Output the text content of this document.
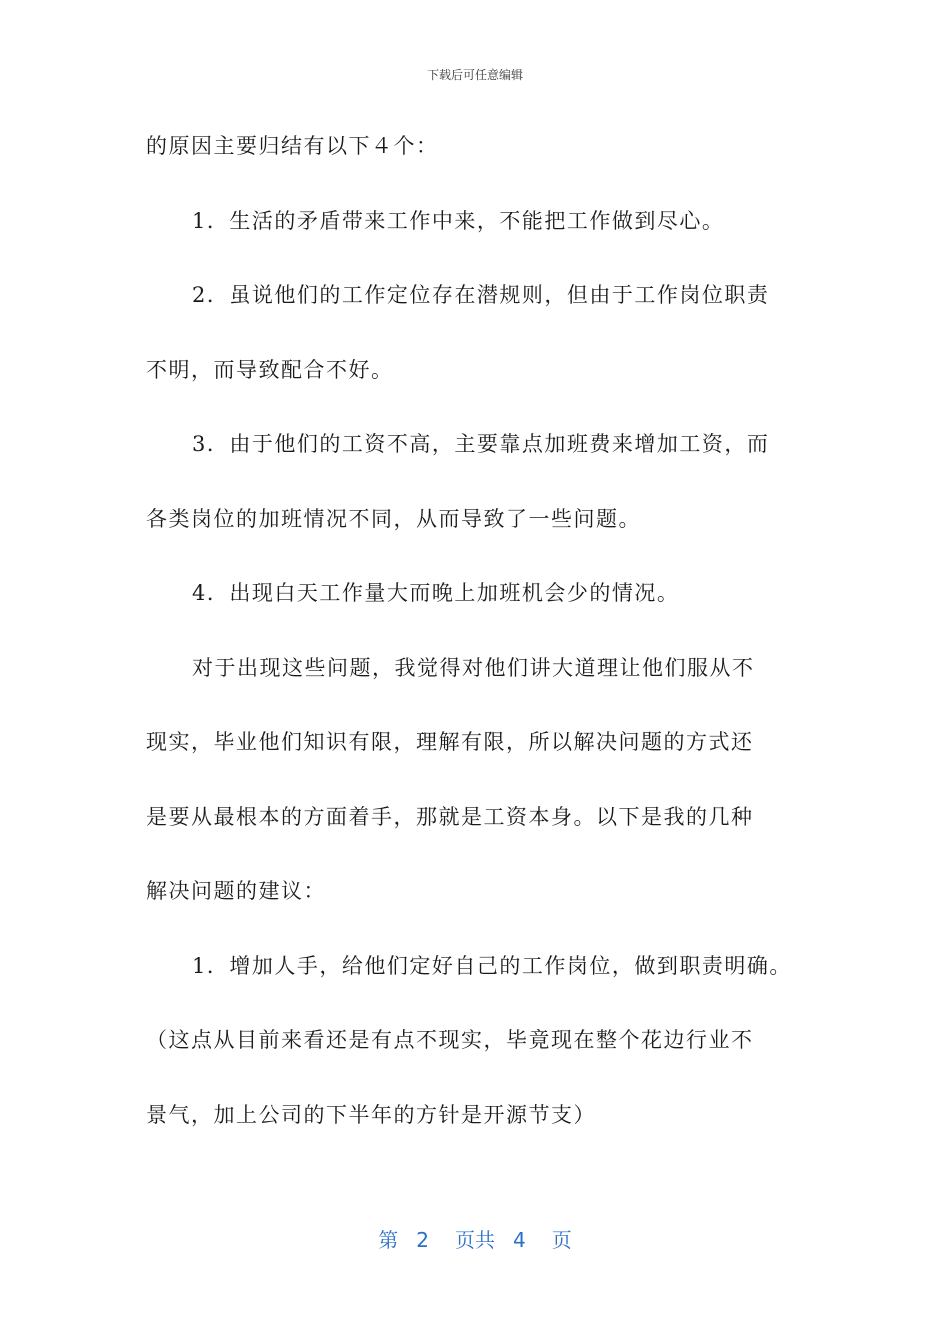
下载后可任意编辑
的原因主要归结有以下４个：
1．生活的矛盾带来工作中来，不能把工作做到尽心。
2．虽说他们的工作定位存在潜规则，但由于工作岗位职责
不明，而导致配合不好。
3．由于他们的工资不高，主要靠点加班费来增加工资，而
各类岗位的加班情况不同，从而导致了一些问题。
4．出现白天工作量大而晚上加班机会少的情况。
对于出现这些问题，我觉得对他们讲大道理让他们服从不
现实，毕业他们知识有限，理解有限，所以解决问题的方式还
是要从最根本的方面着手，那就是工资本身。以下是我的几种
解决问题的建议：
1．增加人手，给他们定好自己的工作岗位，做到职责明确。
（这点从目前来看还是有点不现实，毕竟现在整个花边行业不
景气，加上公司的下半年的方针是开源节支）
第 2 页共 4 页
